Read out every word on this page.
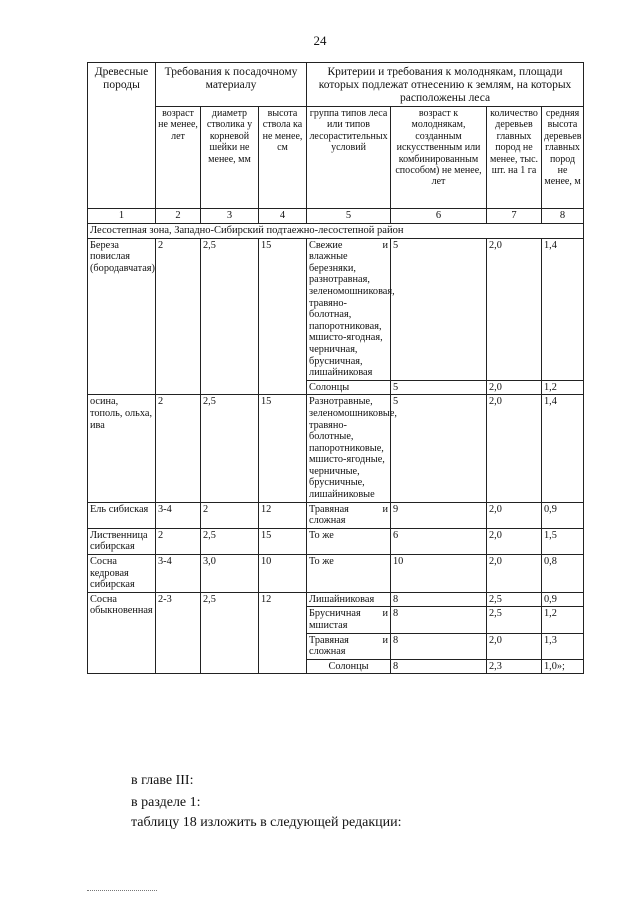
24
Древесные породы	Требования к посадочному материалу			Критерии и требования к молоднякам, площади которых подлежат отнесению к землям, на которых расположены леса			
	возраст не менее, лет	диаметр стволика у корневой шейки не менее, мм	высота ствола ка не менее, см	группа типов леса или типов лесорастительных условий	возраст к молоднякам, созданным искусственным или комбинированным способом) не менее, лет	количество деревьев главных пород не менее, тыс. шт. на 1 га	средняя высота деревьев главных пород не менее, м
1	2	3	4	5	6	7	8
Лесостепная зона, Западно-Сибирский подтаежно-лесостепной район							
Береза повислая (бородавчатая)	2	2,5	15	Свежие и влажные березняки, разнотравная, зеленомошниковая, травяно-болотная, папоротниковая, мшисто-ягодная, черничная, брусничная, лишайниковая	5	2,0	1,4
				Солонцы	5	2,0	1,2
осина, тополь, ольха, ива	2	2,5	15	Разнотравные, зеленомошниковые, травяно-болотные, папоротниковые, мшисто-ягодные, черничные, брусничные, лишайниковые	5	2,0	1,4
Ель сибиская	3-4	2	12	Травяная и сложная	9	2,0	0,9
Лиственница сибирская	2	2,5	15	То же	6	2,0	1,5
Сосна кедровая сибирская	3-4	3,0	10	То же	10	2,0	0,8
Сосна обыкновенная	2-3	2,5	12	Лишайниковая	8	2,5	0,9
				Брусничная и мшистая	8	2,5	1,2
				Травяная и сложная	8	2,0	1,3
				Солонцы	8	2,3	1,0»;
в главе III:
в разделе 1:
таблицу 18 изложить в следующей редакции:
